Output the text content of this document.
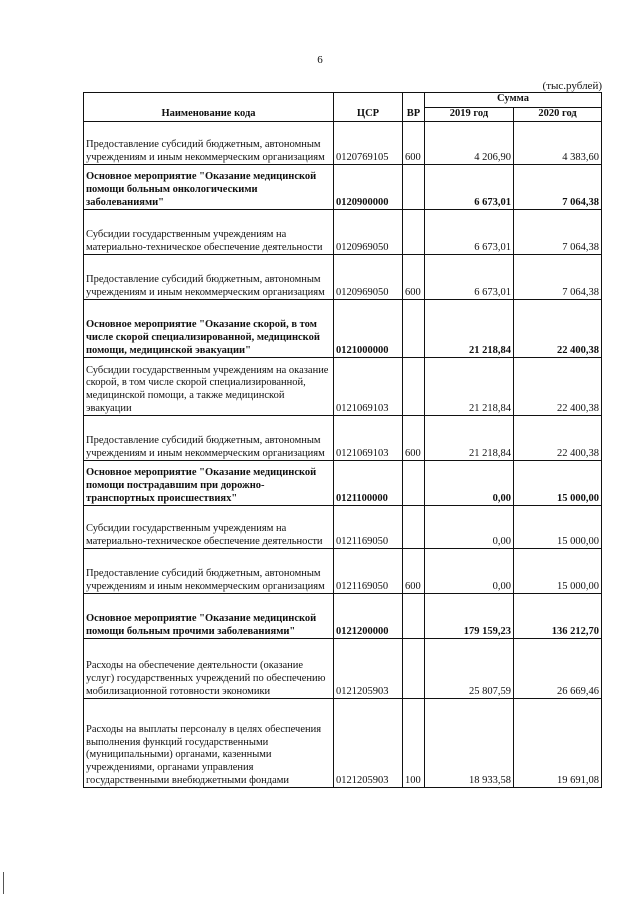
6
(тыс.рублей)
Наименование кода	ЦСР	ВР	Сумма	
			2019 год	2020 год
Предоставление субсидий бюджетным, автономным учреждениям и иным некоммерческим организациям	0120769105	600	4 206,90	4 383,60
Основное мероприятие "Оказание медицинской помощи больным онкологическими заболеваниями"	0120900000		6 673,01	7 064,38
Субсидии государственным учреждениям на материально-техническое обеспечение деятельности	0120969050		6 673,01	7 064,38
Предоставление субсидий бюджетным, автономным учреждениям и иным некоммерческим организациям	0120969050	600	6 673,01	7 064,38
Основное мероприятие "Оказание скорой, в том числе скорой специализированной, медицинской помощи, медицинской эвакуации"	0121000000		21 218,84	22 400,38
Субсидии государственным учреждениям на оказание скорой, в том числе скорой специализированной, медицинской помощи, а также медицинской эвакуации	0121069103		21 218,84	22 400,38
Предоставление субсидий бюджетным, автономным учреждениям и иным некоммерческим организациям	0121069103	600	21 218,84	22 400,38
Основное мероприятие "Оказание медицинской помощи пострадавшим при дорожно-транспортных происшествиях"	0121100000		0,00	15 000,00
Субсидии государственным учреждениям на материально-техническое обеспечение деятельности	0121169050		0,00	15 000,00
Предоставление субсидий бюджетным, автономным учреждениям и иным некоммерческим организациям	0121169050	600	0,00	15 000,00
Основное мероприятие "Оказание медицинской помощи больным прочими заболеваниями"	0121200000		179 159,23	136 212,70
Расходы на обеспечение деятельности (оказание услуг) государственных учреждений по обеспечению мобилизационной готовности экономики	0121205903		25 807,59	26 669,46
Расходы на выплаты персоналу в целях обеспечения выполнения функций государственными (муниципальными) органами, казенными учреждениями, органами управления государственными внебюджетными фондами	0121205903	100	18 933,58	19 691,08
